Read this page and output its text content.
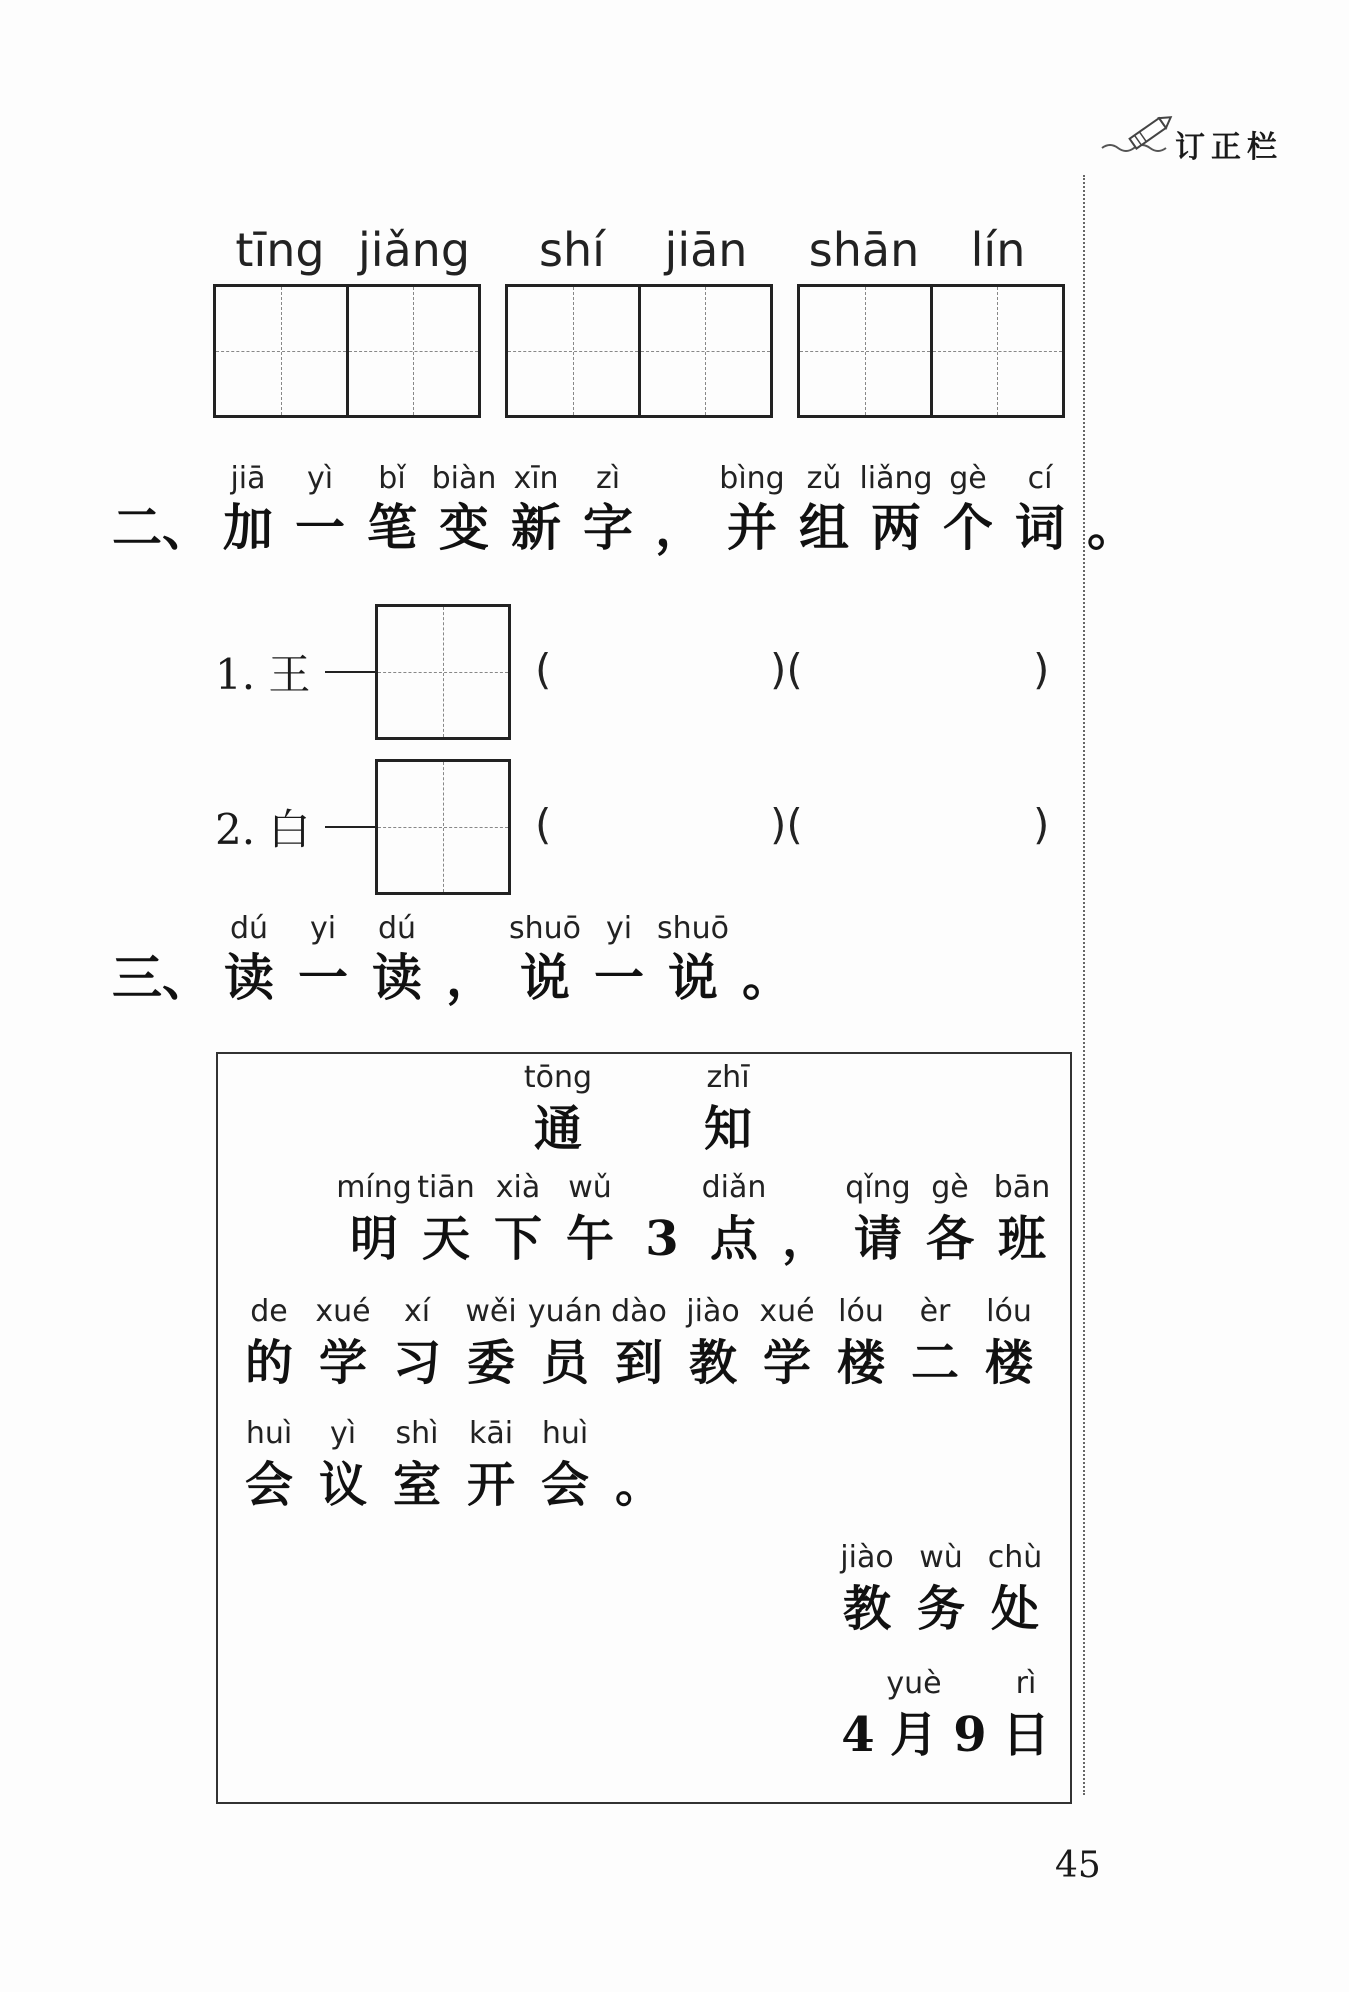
订正栏
tīng jiǎng	shí	jiān	shān	lín
二、
jiā
加
yì
一
bǐ
笔
biàn
变
xīn
新
zì
字 ，
bìng
并
zǔ
组
liǎng
两
gè
个
cí
词 。
1. 王	(	)(	)
2. 白	(	)(	)
三、
dú
读
yi
一
dú
读 ，
shuō
说
yi
一
shuō
说 。
tōng
通
zhī
知
míng
明
tiān
天
xià
下
wǔ
午 3
diǎn
点 ，
qǐng
请
gè
各
bān
班
de
的
xué
学
xí
习
wěi
委
yuán
员
dào
到
jiào
教
xué
学
lóu
楼
èr
二
lóu
楼
huì
会
yì
议
shì
室
kāi
开
huì
会 。
jiào
教
wù
务
chù
处
4
yuè
月 9
rì
日
45
